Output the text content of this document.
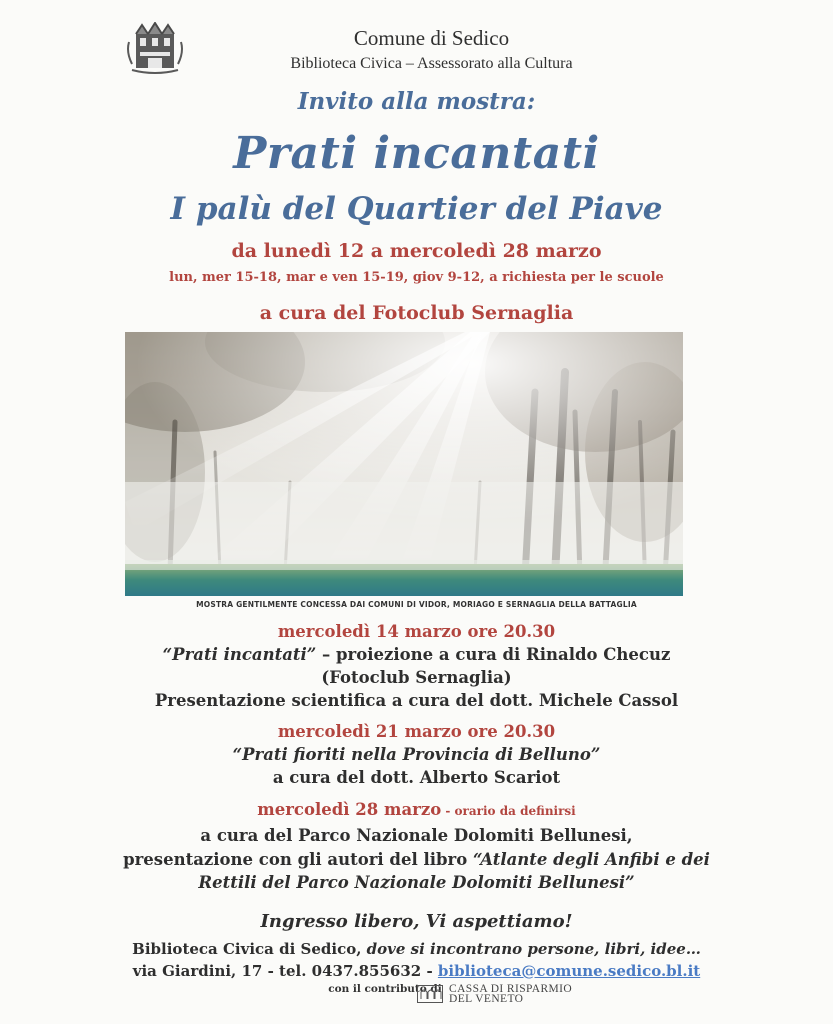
Comune di Sedico
Biblioteca Civica – Assessorato alla Cultura
Invito alla mostra:
Prati incantati
I palù del Quartier del Piave
da lunedì 12 a mercoledì 28 marzo
lun, mer 15-18, mar e ven 15-19, giov 9-12, a richiesta per le scuole
a cura del Fotoclub Sernaglia
MOSTRA GENTILMENTE CONCESSA DAI COMUNI DI VIDOR, MORIAGO E SERNAGLIA DELLA BATTAGLIA
mercoledì 14 marzo ore 20.30
“Prati incantati” – proiezione a cura di Rinaldo Checuz
(Fotoclub Sernaglia)
Presentazione scientifica a cura del dott. Michele Cassol
mercoledì 21 marzo ore 20.30
“Prati fioriti nella Provincia di Belluno”
a cura del dott. Alberto Scariot
mercoledì 28 marzo - orario da definirsi
a cura del Parco Nazionale Dolomiti Bellunesi,
presentazione con gli autori del libro “Atlante degli Anfibi e dei
Rettili del Parco Nazionale Dolomiti Bellunesi”
Ingresso libero, Vi aspettiamo!
Biblioteca Civica di Sedico, dove si incontrano persone, libri, idee…
via Giardini, 17 - tel. 0437.855632 - biblioteca@comune.sedico.bl.it
con il contributo di CASSA DI RISPARMIO
DEL VENETO
